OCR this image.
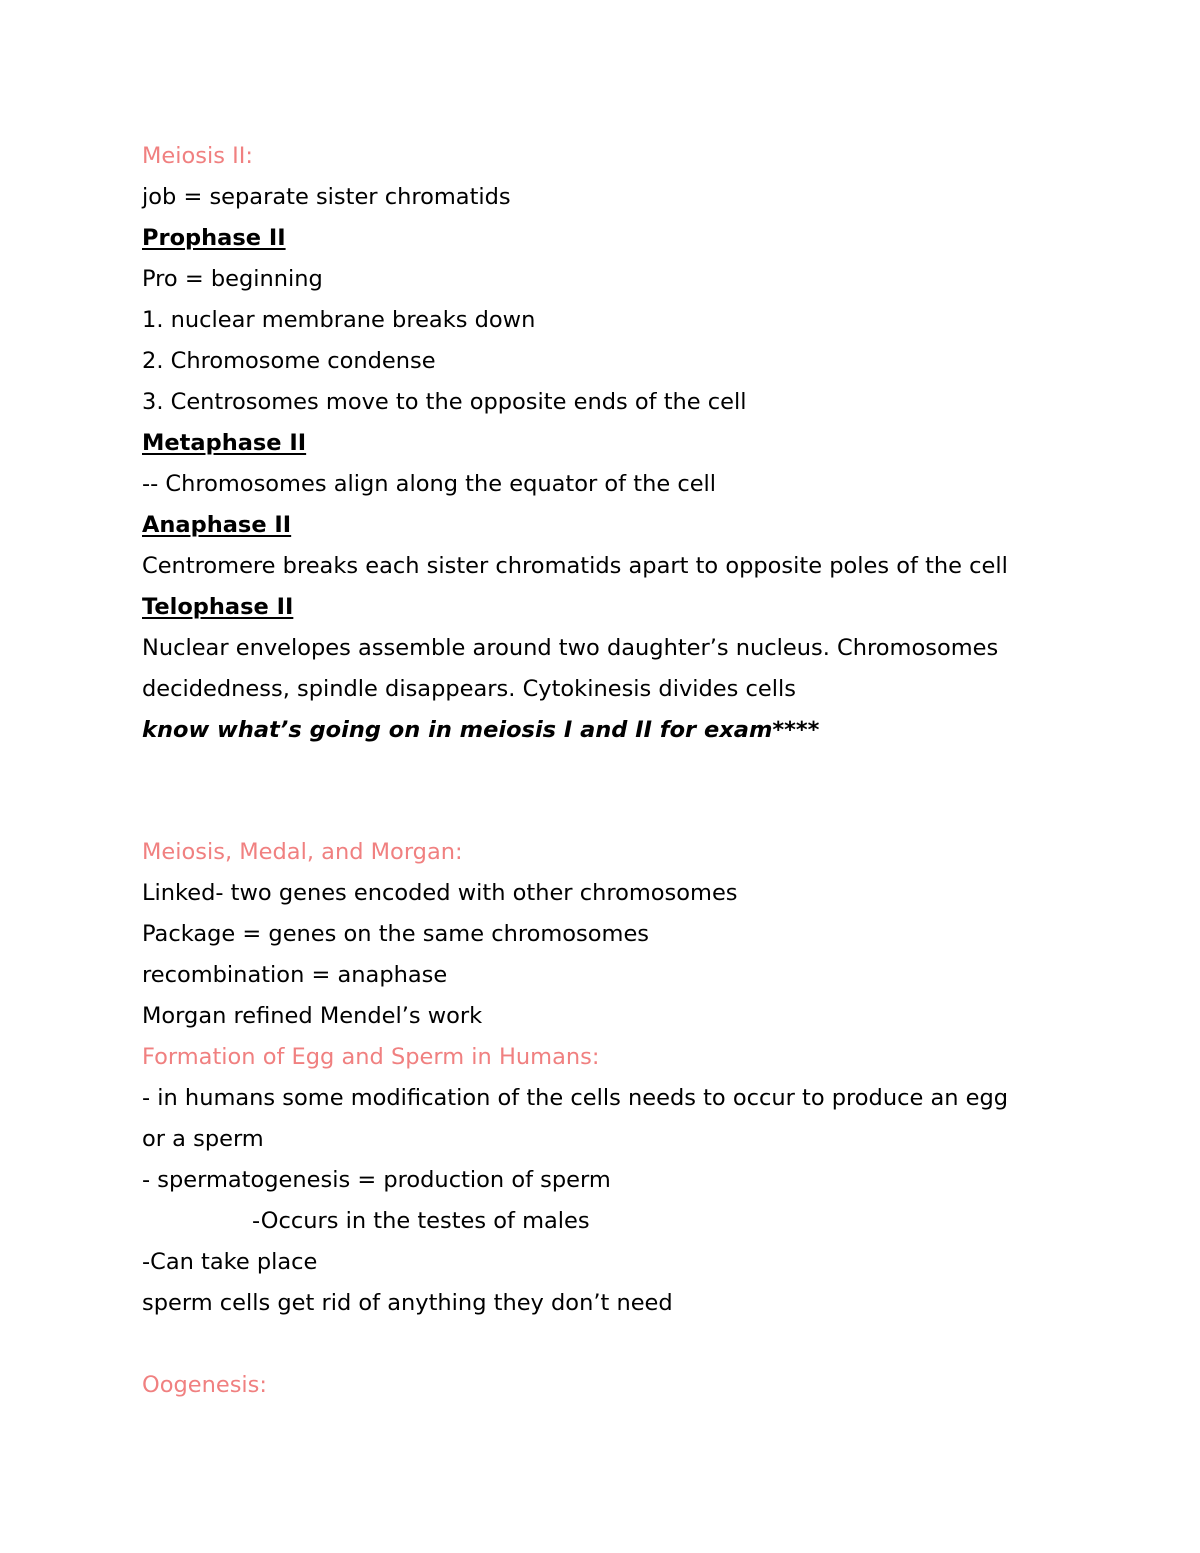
Meiosis II:
job = separate sister chromatids
Prophase II
Pro = beginning
1. nuclear membrane breaks down
2. Chromosome condense
3. Centrosomes move to the opposite ends of the cell
Metaphase II
-- Chromosomes align along the equator of the cell
Anaphase II
Centromere breaks each sister chromatids apart to opposite poles of the cell
Telophase II
Nuclear envelopes assemble around two daughter’s nucleus. Chromosomes
decidedness, spindle disappears. Cytokinesis divides cells
know what’s going on in meiosis I and II for exam****
Meiosis, Medal, and Morgan:
Linked- two genes encoded with other chromosomes
Package = genes on the same chromosomes
recombination = anaphase
Morgan refined Mendel’s work
Formation of Egg and Sperm in Humans:
- in humans some modification of the cells needs to occur to produce an egg
or a sperm
- spermatogenesis = production of sperm
-Occurs in the testes of males
-Can take place
sperm cells get rid of anything they don’t need
Oogenesis:
